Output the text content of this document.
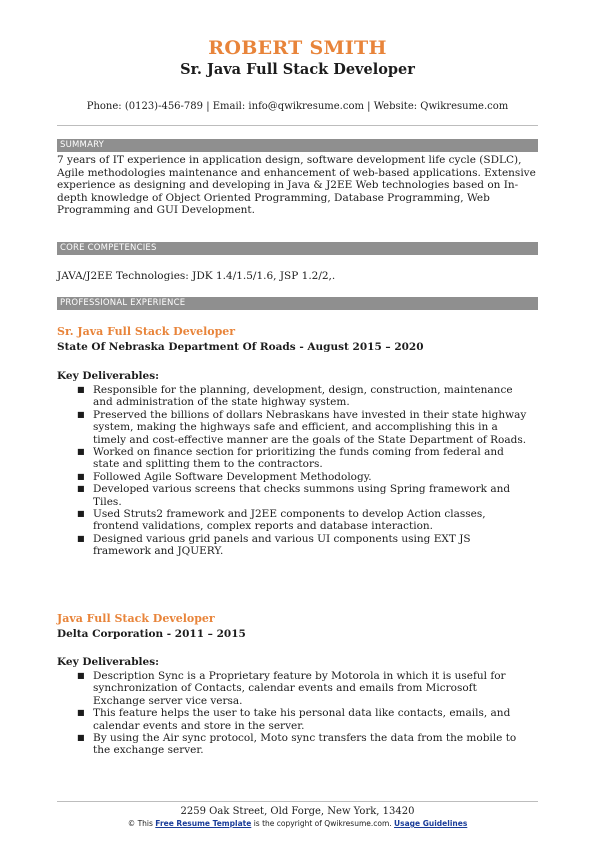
ROBERT SMITH
Sr. Java Full Stack Developer
Phone: (0123)-456-789 | Email: info@qwikresume.com | Website: Qwikresume.com
SUMMARY
7 years of IT experience in application design, software development life cycle (SDLC), Agile methodologies maintenance and enhancement of web-based applications. Extensive experience as designing and developing in Java & J2EE Web technologies based on In-depth knowledge of Object Oriented Programming, Database Programming, Web Programming and GUI Development.
CORE COMPETENCIES
JAVA/J2EE Technologies: JDK 1.4/1.5/1.6, JSP 1.2/2,.
PROFESSIONAL EXPERIENCE
Sr. Java Full Stack Developer
State Of Nebraska Department Of Roads - August 2015 – 2020
Key Deliverables:
■ Responsible for the planning, development, design, construction, maintenance and administration of the state highway system.
■ Preserved the billions of dollars Nebraskans have invested in their state highway system, making the highways safe and efficient, and accomplishing this in a timely and cost-effective manner are the goals of the State Department of Roads.
■ Worked on finance section for prioritizing the funds coming from federal and state and splitting them to the contractors.
■ Followed Agile Software Development Methodology.
■ Developed various screens that checks summons using Spring framework and Tiles.
■ Used Struts2 framework and J2EE components to develop Action classes, frontend validations, complex reports and database interaction.
■ Designed various grid panels and various UI components using EXT JS framework and JQUERY.
Java Full Stack Developer
Delta Corporation - 2011 – 2015
Key Deliverables:
■ Description Sync is a Proprietary feature by Motorola in which it is useful for synchronization of Contacts, calendar events and emails from Microsoft Exchange server vice versa.
■ This feature helps the user to take his personal data like contacts, emails, and calendar events and store in the server.
■ By using the Air sync protocol, Moto sync transfers the data from the mobile to the exchange server.
2259 Oak Street, Old Forge, New York, 13420
© This Free Resume Template is the copyright of Qwikresume.com. Usage Guidelines
